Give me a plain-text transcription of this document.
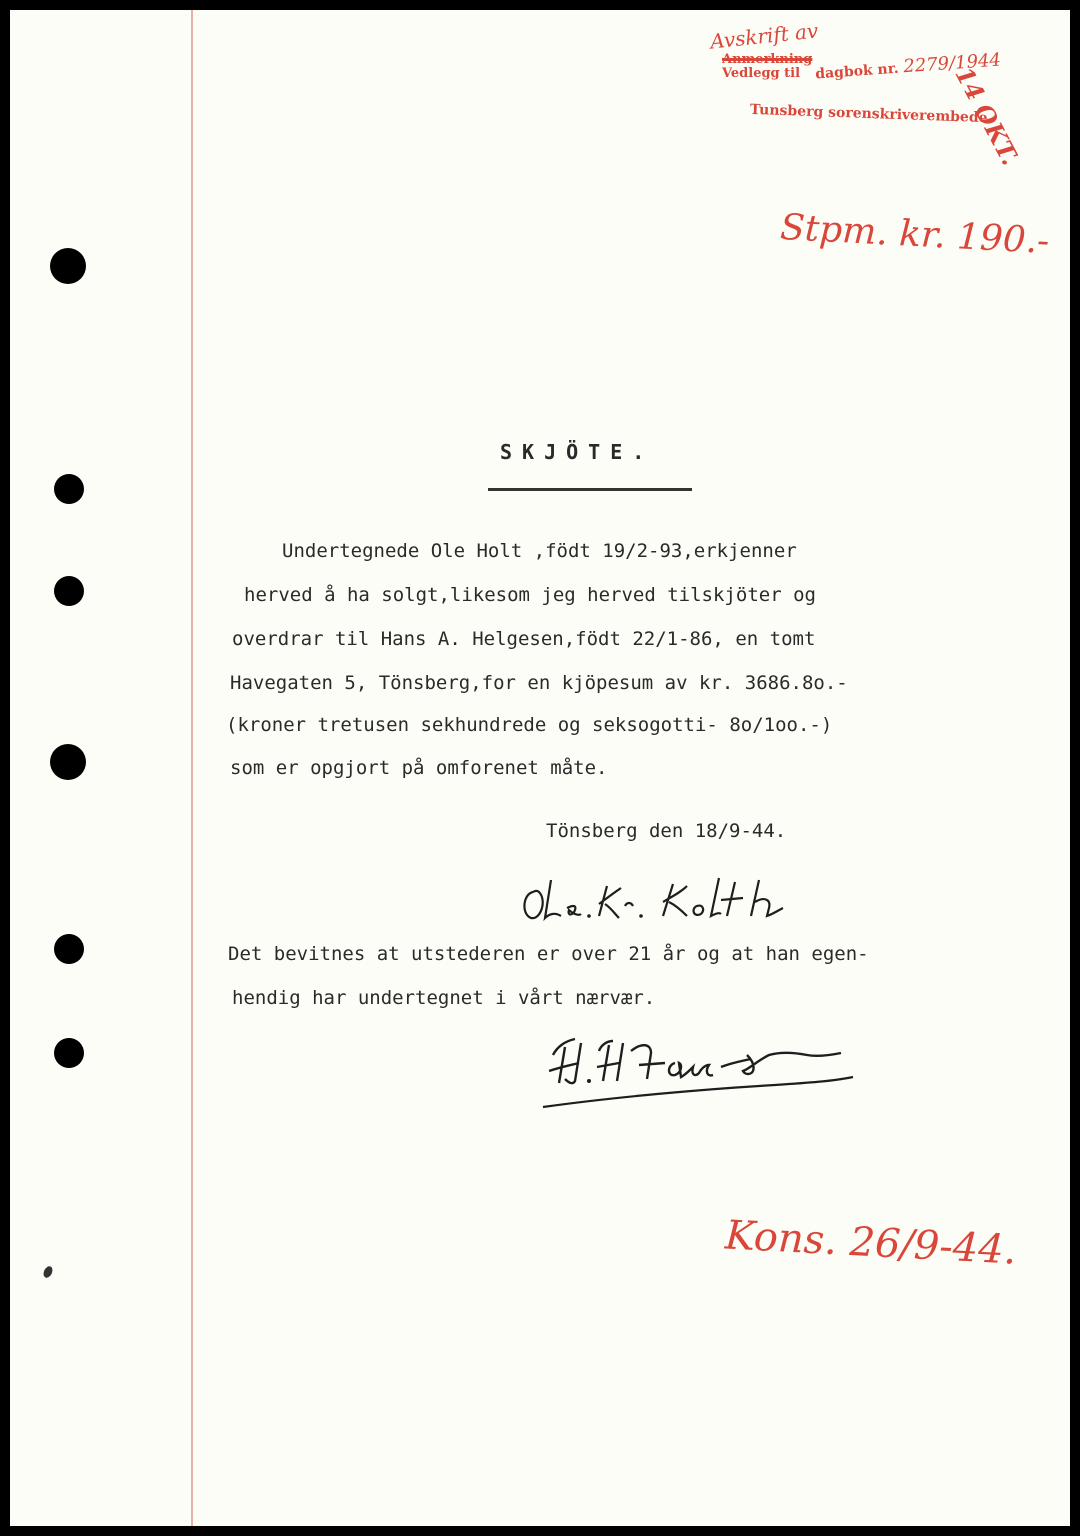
Avskrift av
Anmerkning
Vedlegg til dagbok nr. 2279/1944
14 OKT.
Tunsberg sorenskriverembede
Stpm. kr. 190.-
SKJÖTE.
Undertegnede Ole Holt ,födt 19/2-93,erkjenner
herved å ha solgt,likesom jeg herved tilskjöter og
overdrar til Hans A. Helgesen,födt 22/1-86, en tomt
Havegaten 5, Tönsberg,for en kjöpesum av kr. 3686.8o.-
(kroner tretusen sekhundrede og seksogotti- 8o/1oo.-)
som er opgjort på omforenet måte.
Tönsberg den 18/9-44.
Det bevitnes at utstederen er over 21 år og at han egen-
hendig har undertegnet i vårt nærvær.
Kons. 26/9-44.
